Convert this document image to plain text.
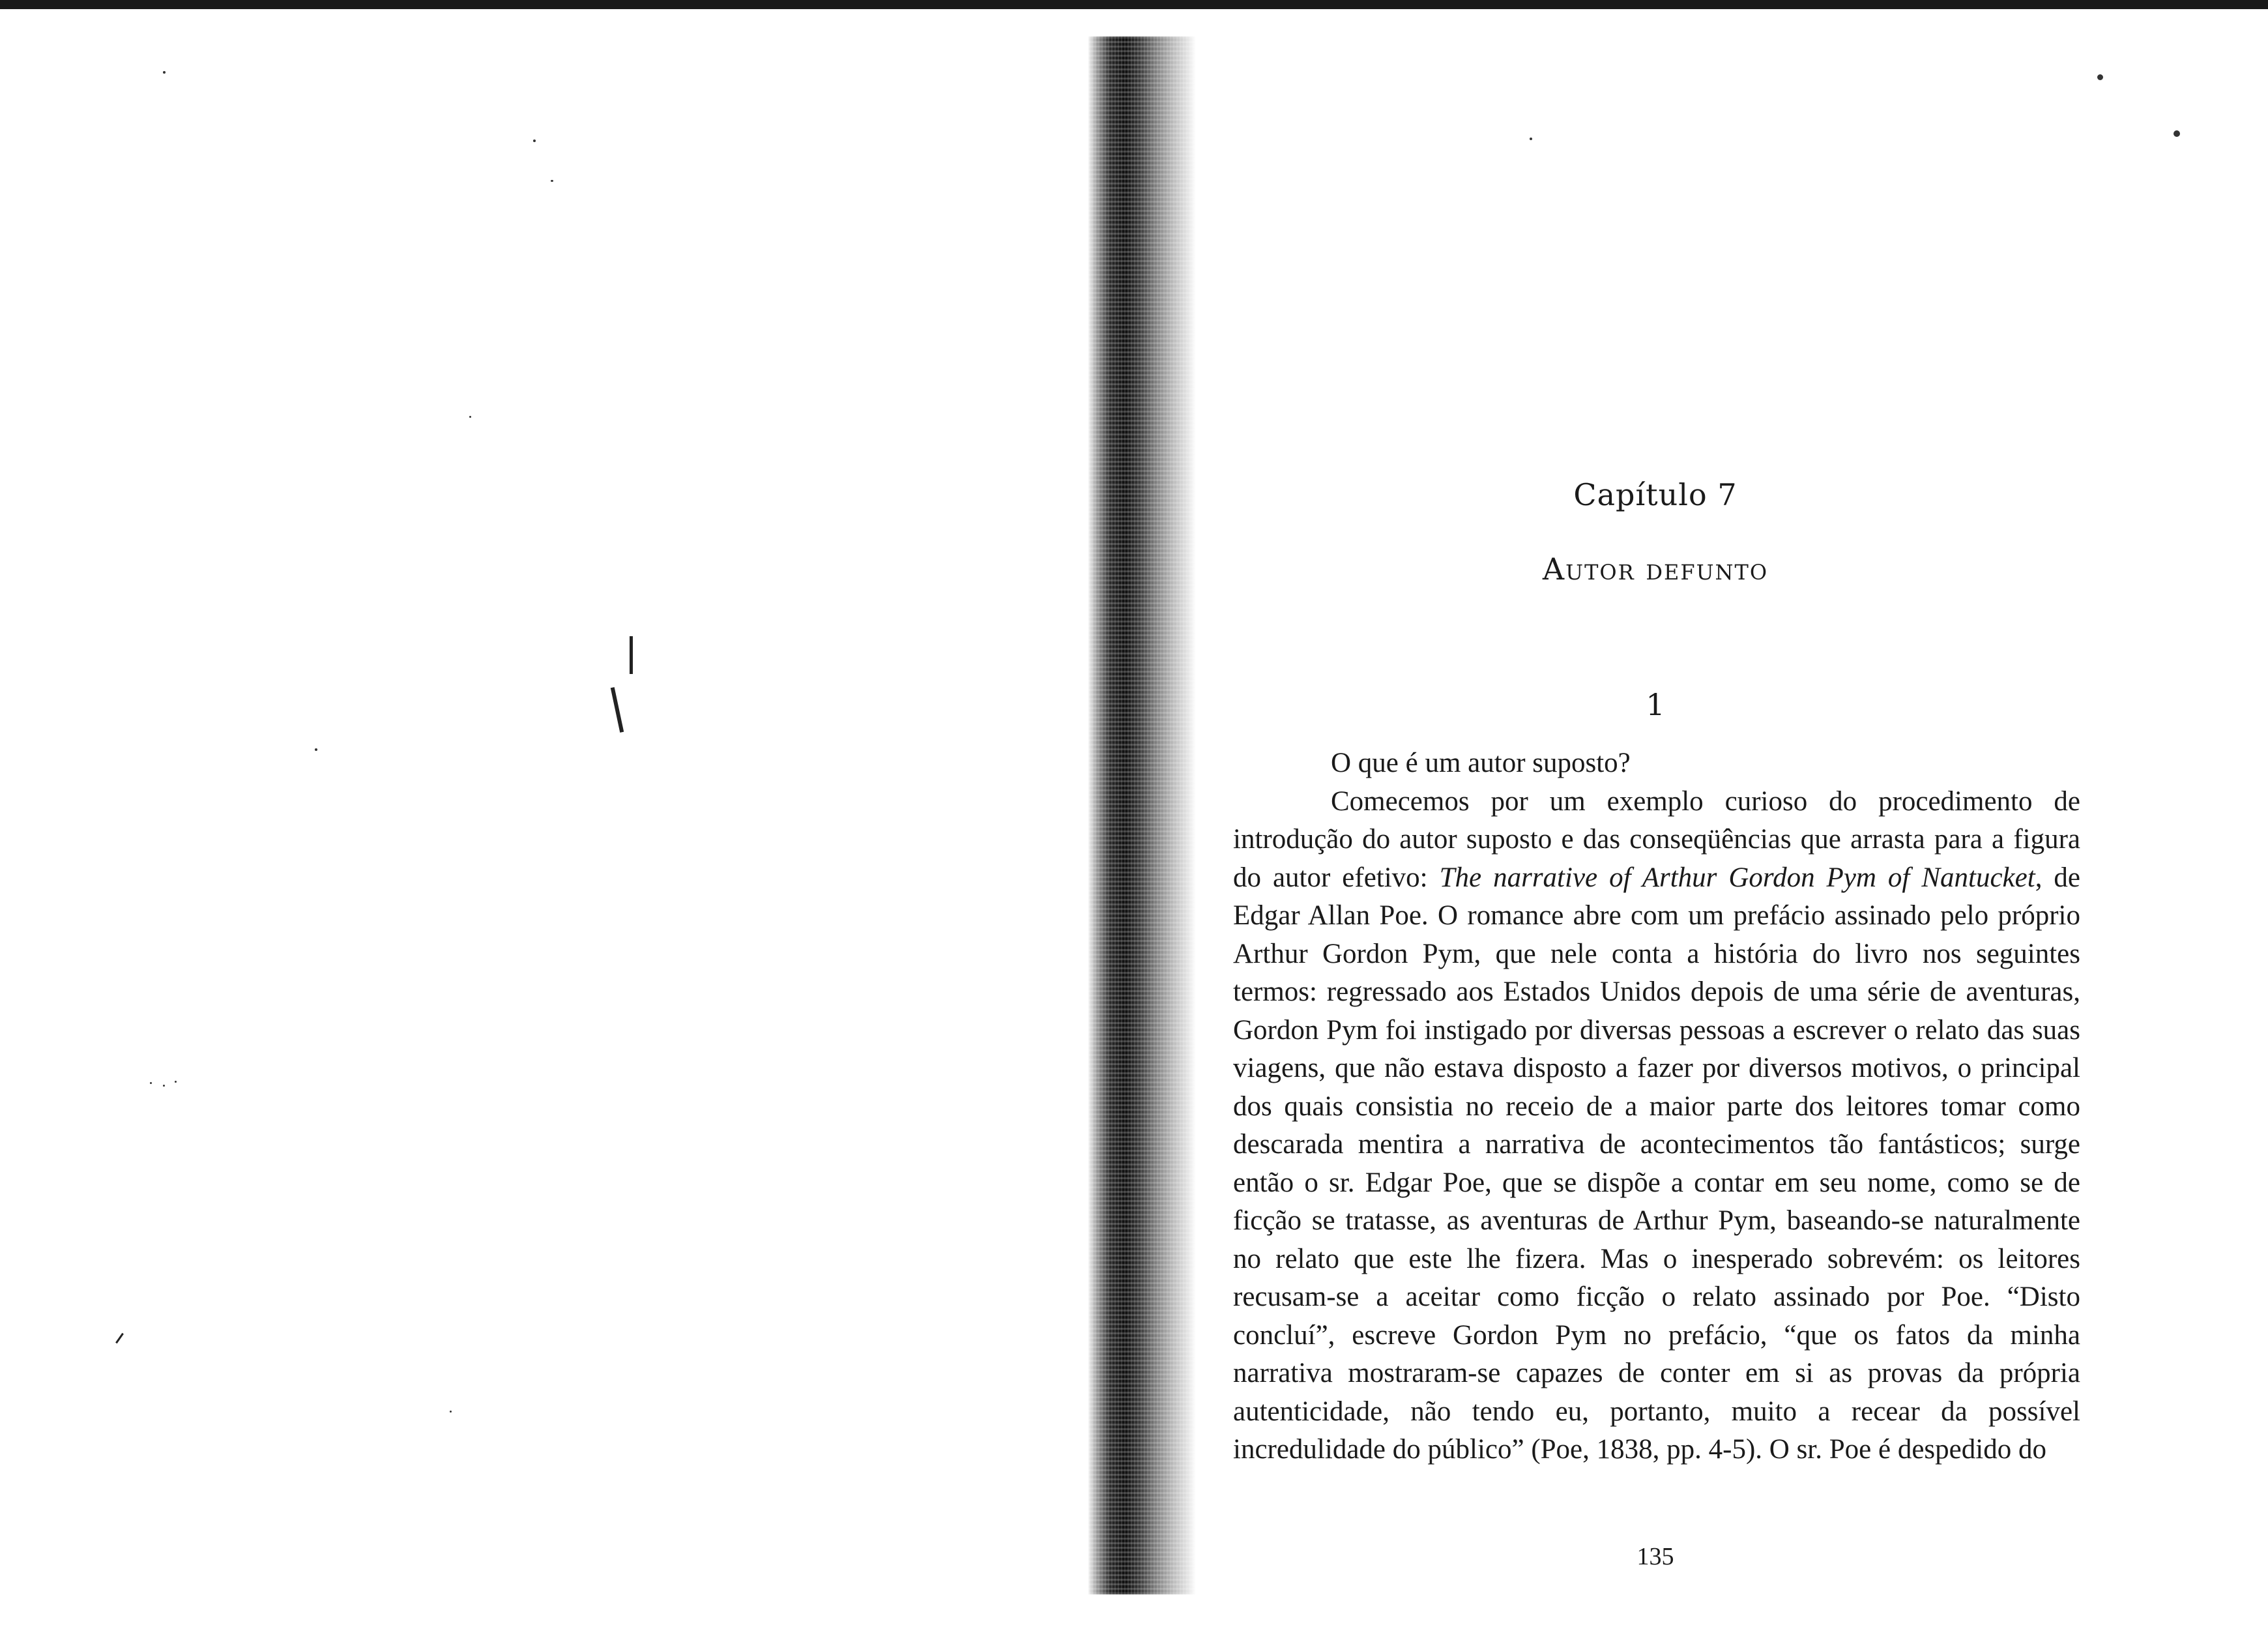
Capítulo 7
Autor defunto
1

O que é um autor suposto?

Comecemos por um exemplo curioso do procedimento de introdução do autor suposto e das conseqüências que arrasta para a figura do autor efetivo: The narrative of Arthur Gordon Pym of Nantucket, de Edgar Allan Poe. O romance abre com um prefácio assinado pelo próprio Arthur Gordon Pym, que nele conta a história do livro nos seguintes termos: regressado aos Estados Unidos depois de uma série de aventuras, Gordon Pym foi instigado por diversas pessoas a escrever o relato das suas viagens, que não estava disposto a fazer por diversos motivos, o principal dos quais consistia no receio de a maior parte dos leitores tomar como descarada mentira a narrativa de acontecimentos tão fantásticos; surge então o sr. Edgar Poe, que se dispõe a contar em seu nome, como se de ficção se tratasse, as aventuras de Arthur Pym, baseando-se naturalmente no relato que este lhe fizera. Mas o inesperado sobrevém: os leitores recusam-se a aceitar como ficção o relato assinado por Poe. “Disto concluí”, escreve Gordon Pym no prefácio, “que os fatos da minha narrativa mostraram-se capazes de conter em si as provas da própria autenticidade, não tendo eu, portanto, muito a recear da possível incredulidade do público” (Poe, 1838, pp. 4-5). O sr. Poe é despedido do

135
